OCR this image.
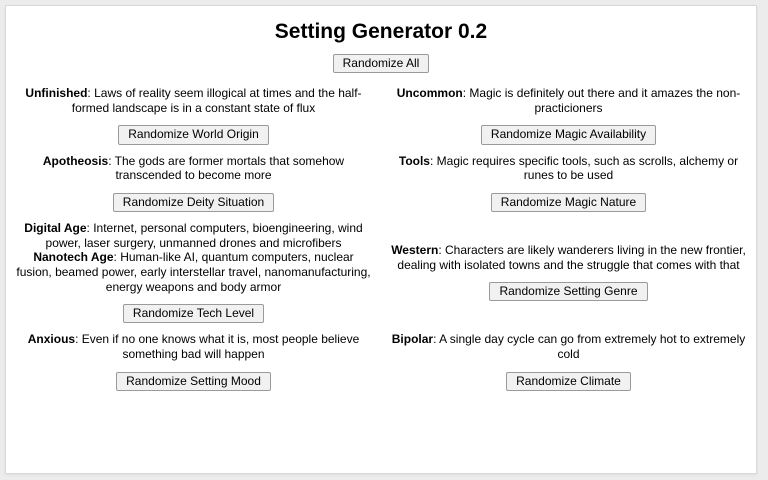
Setting Generator 0.2
Randomize All

Unfinished: Laws of reality seem illogical at times and the half-formed landscape is in a constant state of flux

Randomize World Origin

Uncommon: Magic is definitely out there and it amazes the non-practicioners

Randomize Magic Availability

Apotheosis: The gods are former mortals that somehow transcended to become more

Randomize Deity Situation

Tools: Magic requires specific tools, such as scrolls, alchemy or runes to be used

Randomize Magic Nature

Digital Age: Internet, personal computers, bioengineering, wind power, laser surgery, unmanned drones and microfibers

Nanotech Age: Human-like AI, quantum computers, nuclear fusion, beamed power, early interstellar travel, nanomanufacturing, energy weapons and body armor

Randomize Tech Level

Western: Characters are likely wanderers living in the new frontier, dealing with isolated towns and the struggle that comes with that

Randomize Setting Genre

Anxious: Even if no one knows what it is, most people believe something bad will happen

Randomize Setting Mood

Bipolar: A single day cycle can go from extremely hot to extremely cold

Randomize Climate
